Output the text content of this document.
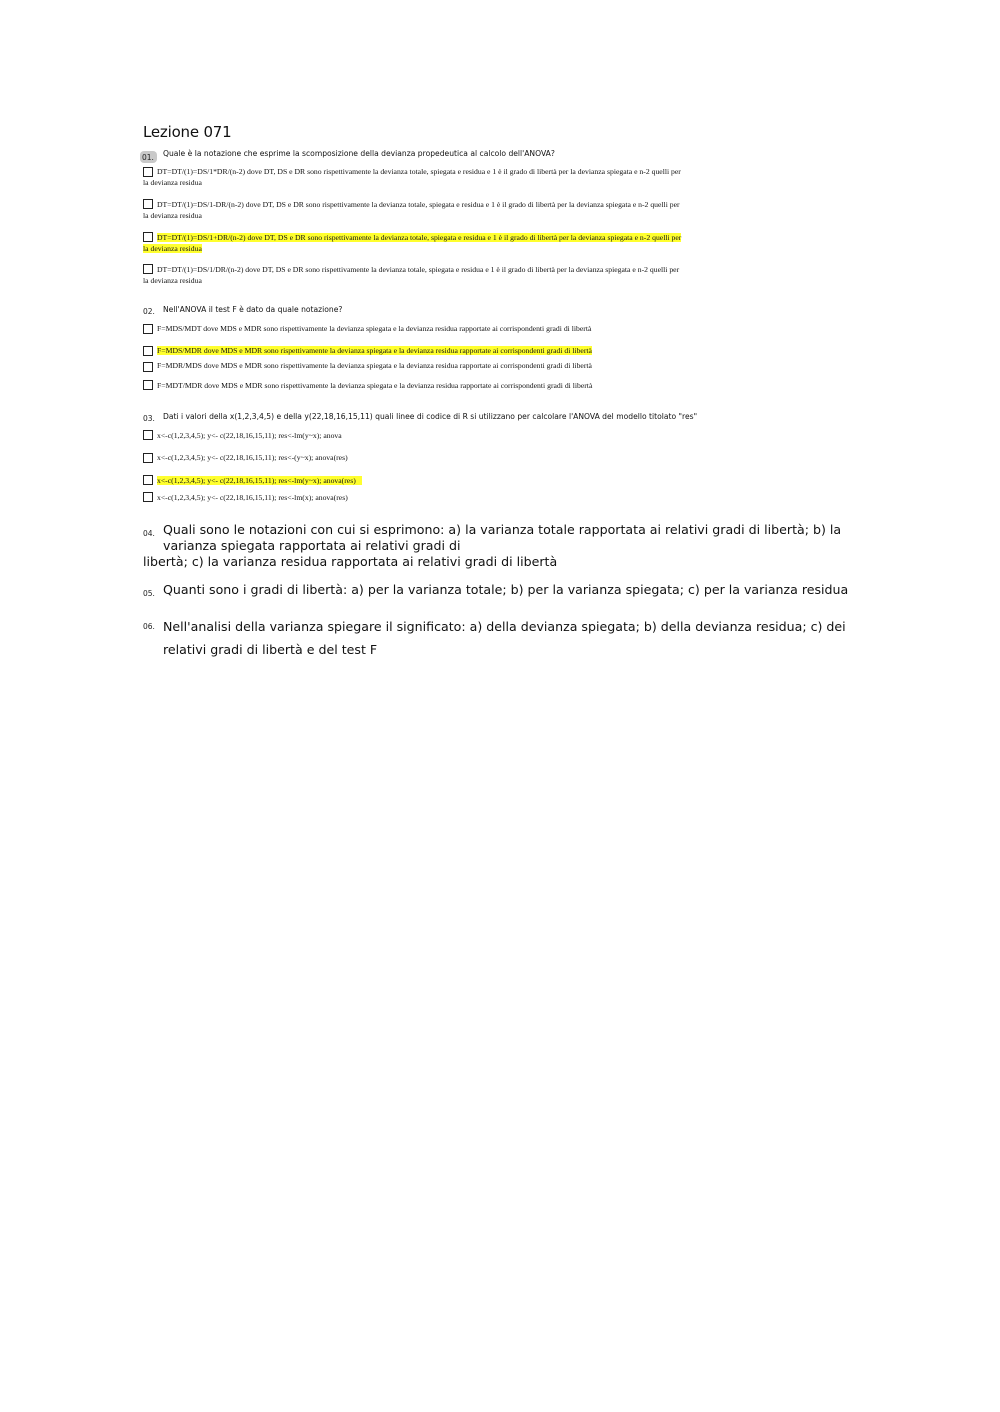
Lezione 071
01.	Quale è la notazione che esprime la scomposizione della devianza propedeutica al calcolo dell'ANOVA?
DT=DT/(1)=DS/1*DR/(n-2) dove DT, DS e DR sono rispettivamente la devianza totale, spiegata e residua e 1 è il grado di libertà per la devianza spiegata e n-2 quelli per
la devianza residua
DT=DT/(1)=DS/1-DR/(n-2) dove DT, DS e DR sono rispettivamente la devianza totale, spiegata e residua e 1 è il grado di libertà per la devianza spiegata e n-2 quelli per
la devianza residua
DT=DT/(1)=DS/1+DR/(n-2) dove DT, DS e DR sono rispettivamente la devianza totale, spiegata e residua e 1 è il grado di libertà per la devianza spiegata e n-2 quelli per
la devianza residua
DT=DT/(1)=DS/1/DR/(n-2) dove DT, DS e DR sono rispettivamente la devianza totale, spiegata e residua e 1 è il grado di libertà per la devianza spiegata e n-2 quelli per
la devianza residua
02. Nell'ANOVA il test F è dato da quale notazione?
F=MDS/MDT dove MDS e MDR sono rispettivamente la devianza spiegata e la devianza residua rapportate ai corrispondenti gradi di libertà
F=MDS/MDR dove MDS e MDR sono rispettivamente la devianza spiegata e la devianza residua rapportate ai corrispondenti gradi di libertà
F=MDR/MDS dove MDS e MDR sono rispettivamente la devianza spiegata e la devianza residua rapportate ai corrispondenti gradi di libertà
F=MDT/MDR dove MDS e MDR sono rispettivamente la devianza spiegata e la devianza residua rapportate ai corrispondenti gradi di libertà
03. Dati i valori della x(1,2,3,4,5) e della y(22,18,16,15,11) quali linee di codice di R si utilizzano per calcolare l'ANOVA del modello titolato "res"
x<-c(1,2,3,4,5); y<- c(22,18,16,15,11); res<-lm(y~x); anova
x<-c(1,2,3,4,5); y<- c(22,18,16,15,11); res<-(y~x); anova(res)
x<-c(1,2,3,4,5); y<- c(22,18,16,15,11); res<-lm(y~x); anova(res)
x<-c(1,2,3,4,5); y<- c(22,18,16,15,11); res<-lm(x); anova(res)
04. Quali sono le notazioni con cui si esprimono: a) la varianza totale rapportata ai relativi gradi di libertà; b) la
varianza spiegata rapportata ai relativi gradi di
libertà; c) la varianza residua rapportata ai relativi gradi di libertà
05. Quanti sono i gradi di libertà: a) per la varianza totale; b) per la varianza spiegata; c) per la varianza residua
06. Nell'analisi della varianza spiegare il significato: a) della devianza spiegata; b) della devianza residua; c) dei
relativi gradi di libertà e del test F
